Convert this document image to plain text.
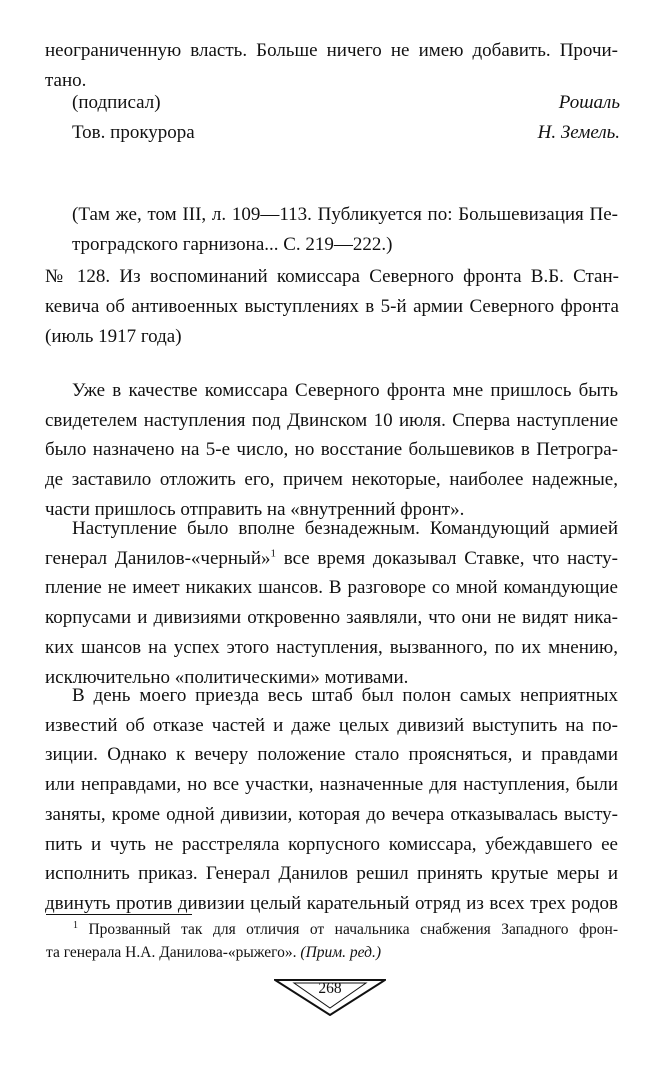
неограниченную власть. Больше ничего не имею добавить. Прочи-
тано.
(подписал)	Рошаль
Тов. прокурора	Н. Земель.
(Там же, том III, л. 109—113. Публикуется по: Большевизация Пе-
троградского гарнизона... С. 219—222.)
№ 128. Из воспоминаний комиссара Северного фронта В.Б. Стан-
кевича об антивоенных выступлениях в 5-й армии Северного фронта
(июль 1917 года)
Уже в качестве комиссара Северного фронта мне пришлось быть
свидетелем наступления под Двинском 10 июля. Сперва наступление
было назначено на 5-е число, но восстание большевиков в Петрогра-
де заставило отложить его, причем некоторые, наиболее надежные,
части пришлось отправить на «внутренний фронт».
Наступление было вполне безнадежным. Командующий армией
генерал Данилов-«черный»$^1$ все время доказывал Ставке, что насту-
пление не имеет никаких шансов. В разговоре со мной командующие
корпусами и дивизиями откровенно заявляли, что они не видят ника-
ких шансов на успех этого наступления, вызванного, по их мнению,
исключительно «политическими» мотивами.
В день моего приезда весь штаб был полон самых неприятных
известий об отказе частей и даже целых дивизий выступить на по-
зиции. Однако к вечеру положение стало проясняться, и правдами
или неправдами, но все участки, назначенные для наступления, были
заняты, кроме одной дивизии, которая до вечера отказывалась высту-
пить и чуть не расстреляла корпусного комиссара, убеждавшего ее
исполнить приказ. Генерал Данилов решил принять крутые меры и
двинуть против дивизии целый карательный отряд из всех трех родов
$^1$ Прозванный так для отличия от начальника снабжения Западного фрон-
та генерала Н.А. Данилова-«рыжего». (Прим. ред.)
268
